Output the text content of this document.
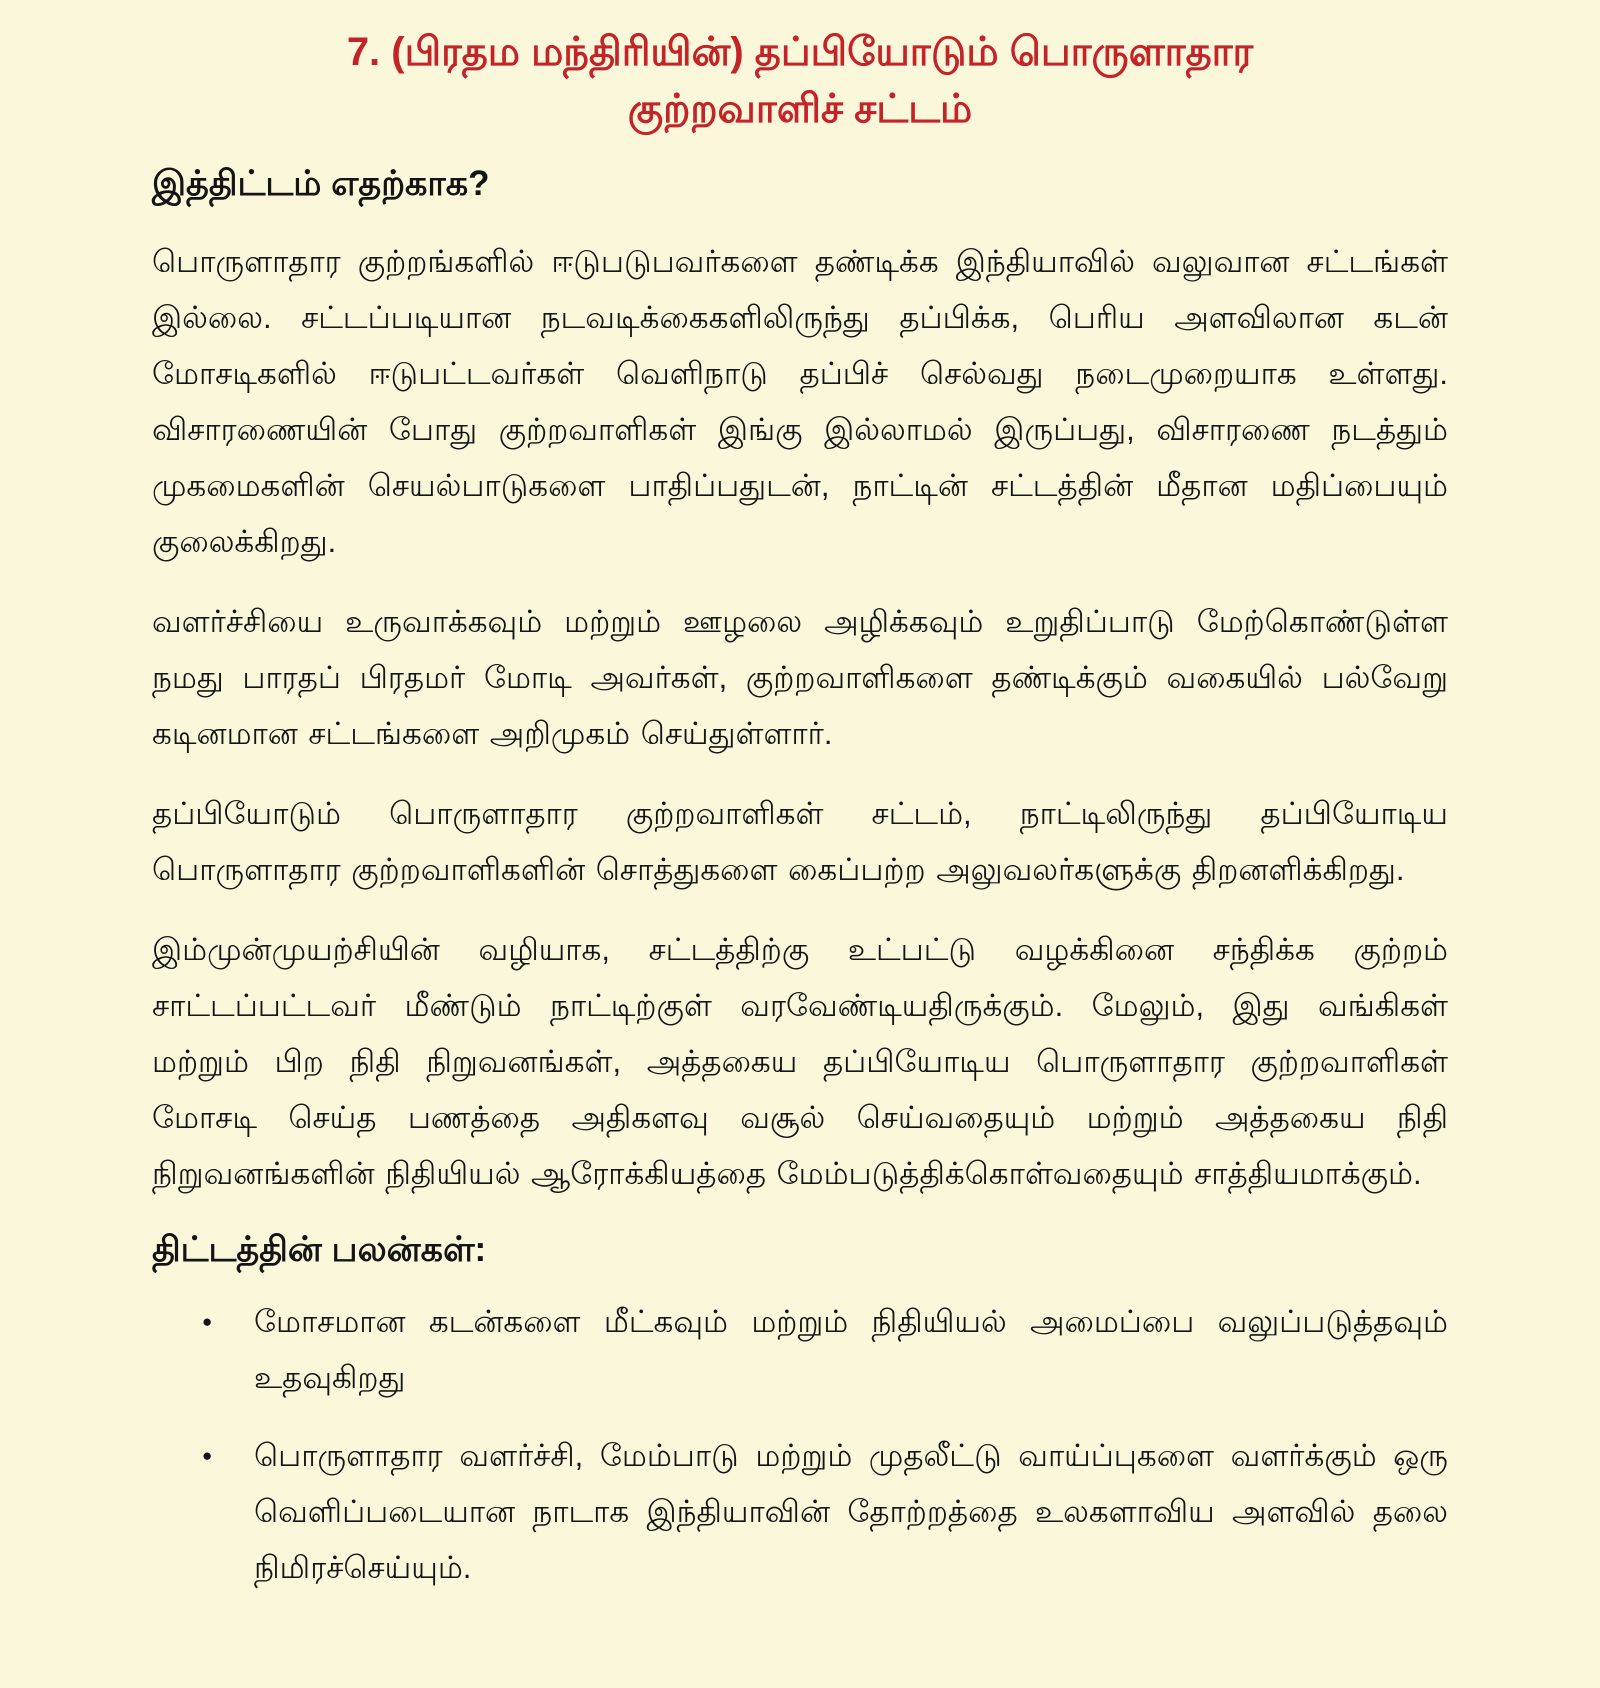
7. (பிரதம மந்திரியின்) தப்பியோடும் பொருளாதார
குற்றவாளிச் சட்டம்
இத்திட்டம் எதற்காக?

பொருளாதார குற்றங்களில் ஈடுபடுபவர்களை தண்டிக்க இந்தியாவில் வலுவான சட்டங்கள் இல்லை. சட்டப்படியான நடவடிக்கைகளிலிருந்து தப்பிக்க, பெரிய அளவிலான கடன் மோசடிகளில் ஈடுபட்டவர்கள் வெளிநாடு தப்பிச் செல்வது நடைமுறையாக உள்ளது. விசாரணையின் போது குற்றவாளிகள் இங்கு இல்லாமல் இருப்பது, விசாரணை நடத்தும் முகமைகளின் செயல்பாடுகளை பாதிப்பதுடன், நாட்டின் சட்டத்தின் மீதான மதிப்பையும் குலைக்கிறது.

வளர்ச்சியை உருவாக்கவும் மற்றும் ஊழலை அழிக்கவும் உறுதிப்பாடு மேற்கொண்டுள்ள நமது பாரதப் பிரதமர் மோடி அவர்கள், குற்றவாளிகளை தண்டிக்கும் வகையில் பல்வேறு கடினமான சட்டங்களை அறிமுகம் செய்துள்ளார்.

தப்பியோடும் பொருளாதார குற்றவாளிகள் சட்டம், நாட்டிலிருந்து தப்பியோடிய பொருளாதார குற்றவாளிகளின் சொத்துகளை கைப்பற்ற அலுவலர்களுக்கு திறனளிக்கிறது.

இம்முன்முயற்சியின் வழியாக, சட்டத்திற்கு உட்பட்டு வழக்கினை சந்திக்க குற்றம் சாட்டப்பட்டவர் மீண்டும் நாட்டிற்குள் வரவேண்டியதிருக்கும். மேலும், இது வங்கிகள் மற்றும் பிற நிதி நிறுவனங்கள், அத்தகைய தப்பியோடிய பொருளாதார குற்றவாளிகள் மோசடி செய்த பணத்தை அதிகளவு வசூல் செய்வதையும் மற்றும் அத்தகைய நிதி நிறுவனங்களின் நிதியியல் ஆரோக்கியத்தை மேம்படுத்திக்கொள்வதையும் சாத்தியமாக்கும்.

திட்டத்தின் பலன்கள்:
●	மோசமான கடன்களை மீட்கவும் மற்றும் நிதியியல் அமைப்பை வலுப்படுத்தவும் உதவுகிறது
●	பொருளாதார வளர்ச்சி, மேம்பாடு மற்றும் முதலீட்டு வாய்ப்புகளை வளர்க்கும் ஒரு வெளிப்படையான நாடாக இந்தியாவின் தோற்றத்தை உலகளாவிய அளவில் தலை நிமிரச்செய்யும்.
